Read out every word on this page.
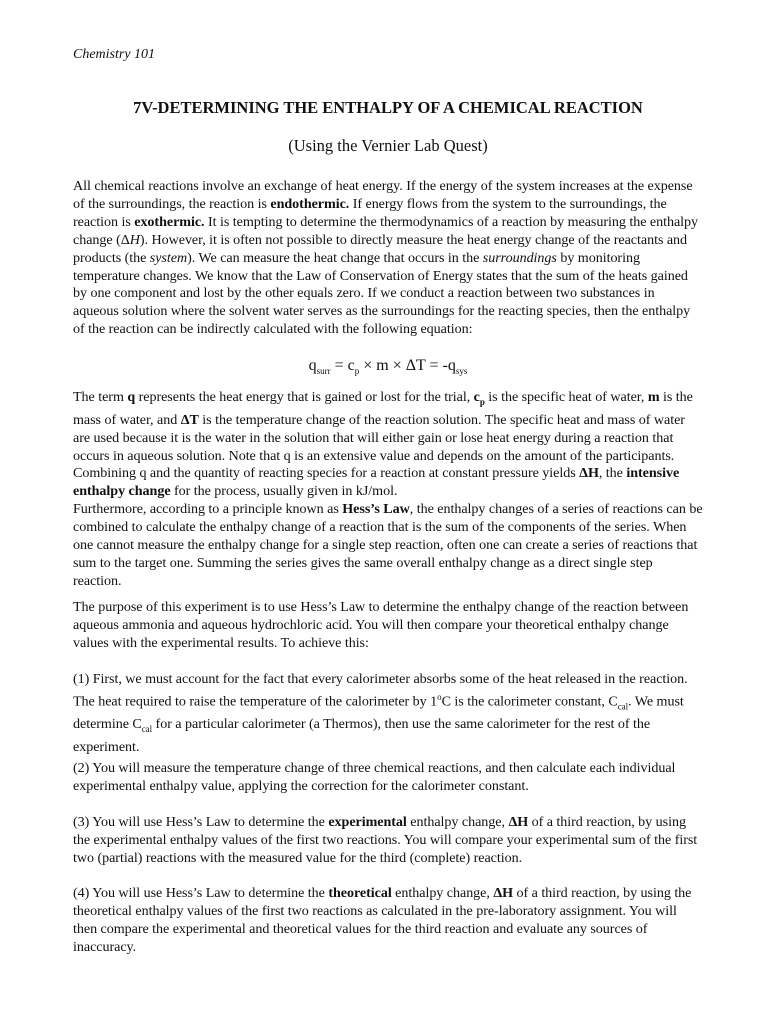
Chemistry 101
7V-DETERMINING THE ENTHALPY OF A CHEMICAL REACTION
(Using the Vernier Lab Quest)
All chemical reactions involve an exchange of heat energy. If the energy of the system increases at the expense of the surroundings, the reaction is endothermic. If energy flows from the system to the surroundings, the reaction is exothermic. It is tempting to determine the thermodynamics of a reaction by measuring the enthalpy change (ΔH). However, it is often not possible to directly measure the heat energy change of the reactants and products (the system). We can measure the heat change that occurs in the surroundings by monitoring temperature changes. We know that the Law of Conservation of Energy states that the sum of the heats gained by one component and lost by the other equals zero. If we conduct a reaction between two substances in aqueous solution where the solvent water serves as the surroundings for the reacting species, then the enthalpy of the reaction can be indirectly calculated with the following equation:
$q_{surr} = c_p \times m \times \Delta T = -q_{sys}$
The term q represents the heat energy that is gained or lost for the trial, $c_p$ is the specific heat of water, m is the mass of water, and ΔT is the temperature change of the reaction solution. The specific heat and mass of water are used because it is the water in the solution that will either gain or lose heat energy during a reaction that occurs in aqueous solution. Note that q is an extensive value and depends on the amount of the participants. Combining q and the quantity of reacting species for a reaction at constant pressure yields ΔH, the intensive enthalpy change for the process, usually given in kJ/mol.
Furthermore, according to a principle known as Hess’s Law, the enthalpy changes of a series of reactions can be combined to calculate the enthalpy change of a reaction that is the sum of the components of the series. When one cannot measure the enthalpy change for a single step reaction, often one can create a series of reactions that sum to the target one. Summing the series gives the same overall enthalpy change as a direct single step reaction.
The purpose of this experiment is to use Hess’s Law to determine the enthalpy change of the reaction between aqueous ammonia and aqueous hydrochloric acid. You will then compare your theoretical enthalpy change values with the experimental results. To achieve this:
(1) First, we must account for the fact that every calorimeter absorbs some of the heat released in the reaction. The heat required to raise the temperature of the calorimeter by 1$^o$C is the calorimeter constant, $C_{cal}$. We must determine $C_{cal}$ for a particular calorimeter (a Thermos), then use the same calorimeter for the rest of the experiment.
(2) You will measure the temperature change of three chemical reactions, and then calculate each individual experimental enthalpy value, applying the correction for the calorimeter constant.
(3) You will use Hess’s Law to determine the experimental enthalpy change, ΔH of a third reaction, by using the experimental enthalpy values of the first two reactions. You will compare your experimental sum of the first two (partial) reactions with the measured value for the third (complete) reaction.
(4) You will use Hess’s Law to determine the theoretical enthalpy change, ΔH of a third reaction, by using the theoretical enthalpy values of the first two reactions as calculated in the pre-laboratory assignment. You will then compare the experimental and theoretical values for the third reaction and evaluate any sources of inaccuracy.
